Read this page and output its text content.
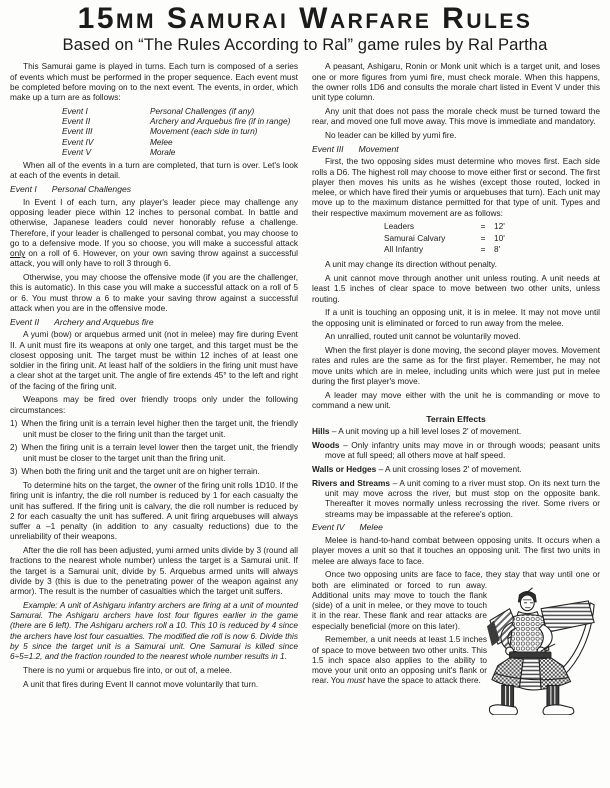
15mm Samurai Warfare Rules
Based on “The Rules According to Ral” game rules by Ral Partha

This Samurai game is played in turns. Each turn is composed of a series of events which must be performed in the proper sequence. Each event must be completed before moving on to the next event. The events, in order, which make up a turn are as follows:

Event I	Personal Challenges (if any)
Event II	Archery and Arquebus fire (if in range)
Event III	Movement (each side in turn)
Event IV	Melee
Event V	Morale

When all of the events in a turn are completed, that turn is over. Let's look at each of the events in detail.

Event I Personal Challenges

In Event I of each turn, any player's leader piece may challenge any opposing leader piece within 12 inches to personal combat. In battle and otherwise, Japanese leaders could never honorably refuse a challenge. Therefore, if your leader is challenged to personal combat, you may choose to go to a defensive mode. If you so choose, you will make a successful attack only on a roll of 6. However, on your own saving throw against a successful attack, you will only have to roll 3 through 6.

Otherwise, you may choose the offensive mode (if you are the challenger, this is automatic). In this case you will make a successful attack on a roll of 5 or 6. You must throw a 6 to make your saving throw against a successful attack when you are in the offensive mode.

Event II Archery and Arquebus fire

A yumi (bow) or arquebus armed unit (not in melee) may fire during Event II. A unit must fire its weapons at only one target, and this target must be the closest opposing unit. The target must be within 12 inches of at least one soldier in the firing unit. At least half of the soldiers in the firing unit must have a clear shot at the target unit. The angle of fire extends 45° to the left and right of the facing of the firing unit.

Weapons may be fired over friendly troops only under the following circumstances:

1) When the firing unit is a terrain level higher then the target unit, the friendly unit must be closer to the firing unit than the target unit.

2) When the firing unit is a terrain level lower then the target unit, the friendly unit must be closer to the target unit than the firing unit.

3) When both the firing unit and the target unit are on higher terrain.

To determine hits on the target, the owner of the firing unit rolls 1D10. If the firing unit is infantry, the die roll number is reduced by 1 for each casualty the unit has suffered. If the firing unit is calvary, the die roll number is reduced by 2 for each casualty the unit has suffered. A unit firing arquebuses will always suffer a –1 penalty (in addition to any casualty reductions) due to the unreliability of their weapons.

After the die roll has been adjusted, yumi armed units divide by 3 (round all fractions to the nearest whole number) unless the target is a Samurai unit. If the target is a Samurai unit, divide by 5. Arquebus armed units will always divide by 3 (this is due to the penetrating power of the weapon against any armor). The result is the number of casualties which the target unit suffers.

Example: A unit of Ashigaru infantry archers are firing at a unit of mounted Samurai. The Ashigaru archers have lost four figures earlier in the game (there are 6 left). The Ashigaru archers roll a 10. This 10 is reduced by 4 since the archers have lost four casualties. The modified die roll is now 6. Divide this by 5 since the target unit is a Samurai unit. One Samurai is killed since 6÷5=1.2, and the fraction rounded to the nearest whole number results in 1.

There is no yumi or arquebus fire into, or out of, a melee.

A unit that fires during Event II cannot move voluntarily that turn.

A peasant, Ashigaru, Ronin or Monk unit which is a target unit, and loses one or more figures from yumi fire, must check morale. When this happens, the owner rolls 1D6 and consults the morale chart listed in Event V under this unit type column.

Any unit that does not pass the morale check must be turned toward the rear, and moved one full move away. This move is immediate and mandatory.

No leader can be killed by yumi fire.

Event III Movement

First, the two opposing sides must determine who moves first. Each side rolls a D6. The highest roll may choose to move either first or second. The first player then moves his units as he wishes (except those routed, locked in melee, or which have fired their yumis or arquebuses that turn). Each unit may move up to the maximum distance permitted for that type of unit. Types and their respective maximum movement are as follows:

Leaders	=	12'
Samurai Calvary	=	10'
All Infantry	=	8'

A unit may change its direction without penalty.

A unit cannot move through another unit unless routing. A unit needs at least 1.5 inches of clear space to move between two other units, unless routing.

If a unit is touching an opposing unit, it is in melee. It may not move until the opposing unit is eliminated or forced to run away from the melee.

An unrallied, routed unit cannot be voluntarily moved.

When the first player is done moving, the second player moves. Movement rates and rules are the same as for the first player. Remember, he may not move units which are in melee, including units which were just put in melee during the first player's move.

A leader may move either with the unit he is commanding or move to command a new unit.

Terrain Effects

Hills – A unit moving up a hill level loses 2' of movement.

Woods – Only infantry units may move in or through woods; peasant units move at full speed; all others move at half speed.

Walls or Hedges – A unit crossing loses 2' of movement.

Rivers and Streams – A unit coming to a river must stop. On its next turn the unit may move across the river, but must stop on the opposite bank. Thereafter it moves normally unless recrossing the river. Some rivers or streams may be impassable at the referee's option.

Event IV Melee

Melee is hand-to-hand combat between opposing units. It occurs when a player moves a unit so that it touches an opposing unit. The first two units in melee are always face to face.

Once two opposing units are face to face, they stay that way until one or both are eliminated or forced to run away. Additional units may move to touch the flank (side) of a unit in melee, or they move to touch it in the rear. These flank and rear attacks are especially beneficial (more on this later).

Remember, a unit needs at least 1.5 inches of space to move between two other units. This 1.5 inch space also applies to the ability to move your unit onto an opposing unit's flank or rear. You must have the space to attack there.
